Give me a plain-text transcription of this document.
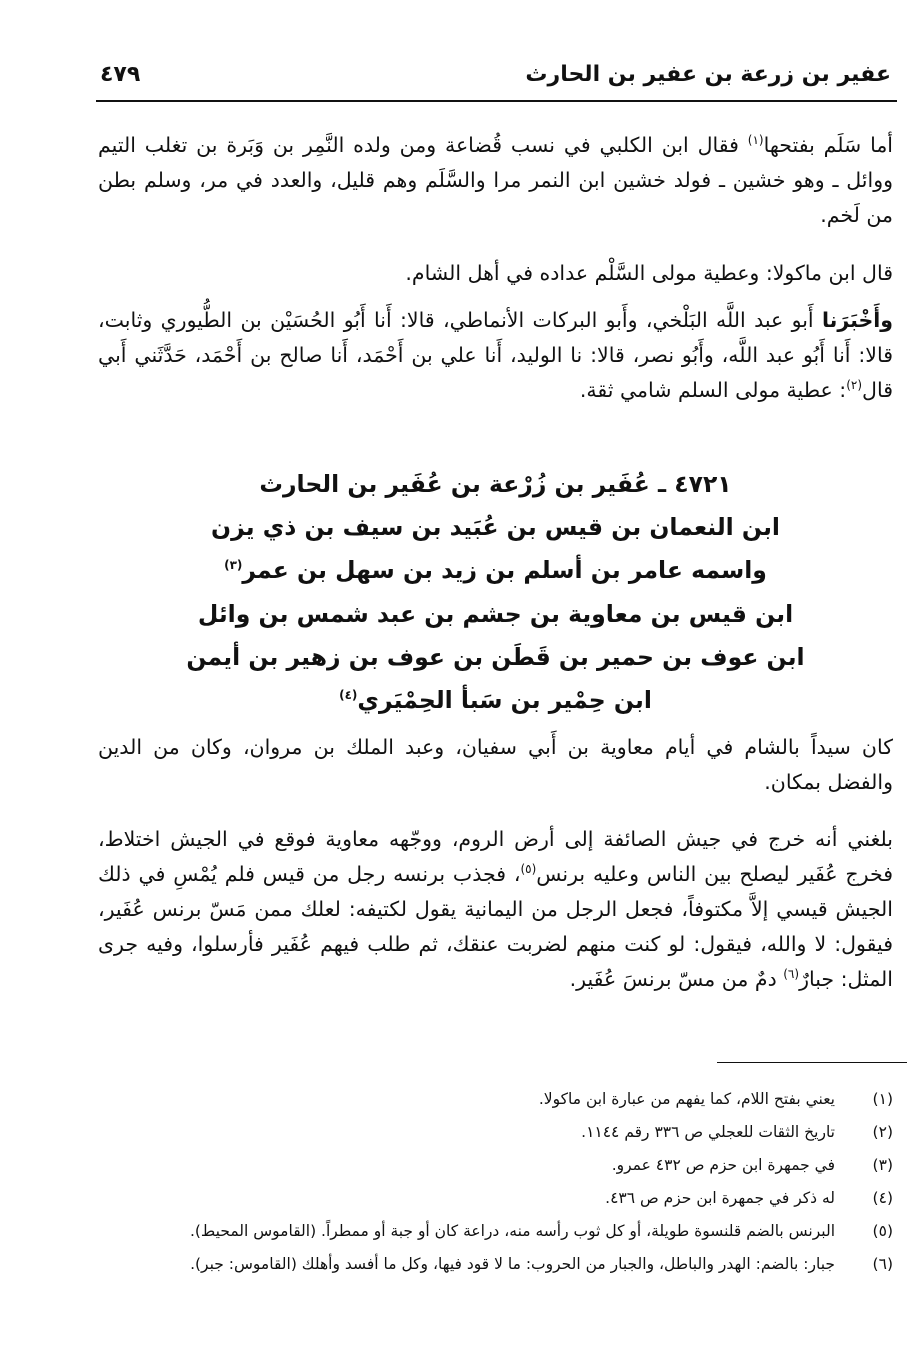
عفير بن زرعة بن عفير بن الحارث
٤٧٩

أما سَلَم بفتحها$^{(١)}$ فقال ابن الكلبي في نسب قُضاعة ومن ولده النَّمِر بن وَبَرة بن تغلب التيم ووائل ـ وهو خشين ـ فولد خشين ابن النمر مرا والسَّلَم وهم قليل، والعدد في مر، وسلم بطن من لَخم.

قال ابن ماكولا: وعطية مولى السَّلْم عداده في أهل الشام.

وأَخْبَرَنا أَبو عبد اللَّه البَلْخي، وأَبو البركات الأنماطي، قالا: أَنا أَبُو الحُسَيْن بن الطُّيوري وثابت، قالا: أَنا أَبُو عبد اللَّه، وأَبُو نصر، قالا: نا الوليد، أَنا علي بن أَحْمَد، أَنا صالح بن أَحْمَد، حَدَّثَني أَبي قال$^{(٢)}$: عطية مولى السلم شامي ثقة.

٤٧٢١ ـ عُفَير بن زُرْعة بن عُفَير بن الحارث
ابن النعمان بن قيس بن عُبَيد بن سيف بن ذي يزن
واسمه عامر بن أسلم بن زيد بن سهل بن عمر$^{(٣)}$
ابن قيس بن معاوية بن جشم بن عبد شمس بن وائل
ابن عوف بن حمير بن قَطَن بن عوف بن زهير بن أيمن
ابن حِمْير بن سَبأ الحِمْيَري$^{(٤)}$

كان سيداً بالشام في أيام معاوية بن أَبي سفيان، وعبد الملك بن مروان، وكان من الدين والفضل بمكان.

بلغني أنه خرج في جيش الصائفة إلى أرض الروم، ووجّهه معاوية فوقع في الجيش اختلاط، فخرج عُفَير ليصلح بين الناس وعليه برنس$^{(٥)}$، فجذب برنسه رجل من قيس فلم يُمْسِ في ذلك الجيش قيسي إلاَّ مكتوفاً، فجعل الرجل من اليمانية يقول لكتيفه: لعلك ممن مَسّ برنس عُفَير، فيقول: لا والله، فيقول: لو كنت منهم لضربت عنقك، ثم طلب فيهم عُفَير فأرسلوا، وفيه جرى المثل: جبارٌ$^{(٦)}$ دمٌ من مسّ برنسَ عُفَير.

(١)يعني بفتح اللام، كما يفهم من عبارة ابن ماكولا.
(٢)تاريخ الثقات للعجلي ص ٣٣٦ رقم ١١٤٤.
(٣)في جمهرة ابن حزم ص ٤٣٢ عمرو.
(٤)له ذكر في جمهرة ابن حزم ص ٤٣٦.
(٥)البرنس بالضم قلنسوة طويلة، أو كل ثوب رأسه منه، دراعة كان أو جبة أو ممطراً. (القاموس المحيط).
(٦)جبار: بالضم: الهدر والباطل، والجبار من الحروب: ما لا قود فيها، وكل ما أفسد وأهلك (القاموس: جبر).
